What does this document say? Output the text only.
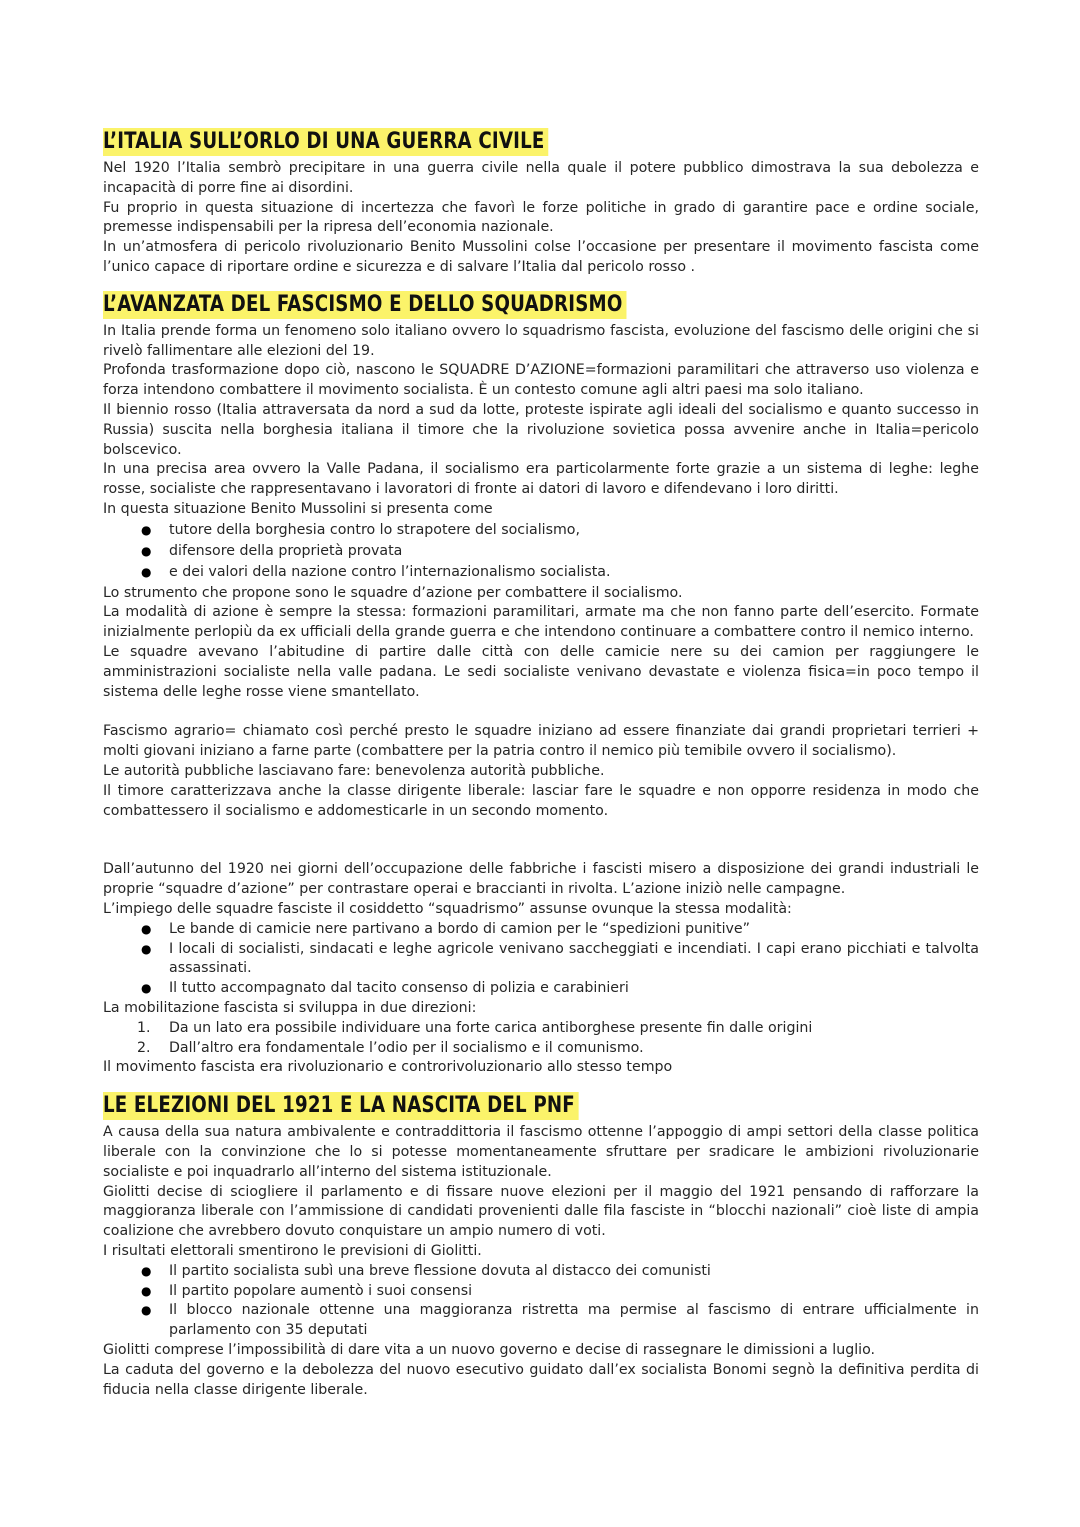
L’ITALIA SULL’ORLO DI UNA GUERRA CIVILE

Nel 1920 l’Italia sembrò precipitare in una guerra civile nella quale il potere pubblico dimostrava la sua debolezza e incapacità di porre fine ai disordini.

Fu proprio in questa situazione di incertezza che favorì le forze politiche in grado di garantire pace e ordine sociale, premesse indispensabili per la ripresa dell’economia nazionale.

In un’atmosfera di pericolo rivoluzionario Benito Mussolini colse l’occasione per presentare il movimento fascista come l’unico capace di riportare ordine e sicurezza e di salvare l’Italia dal pericolo rosso .

L’AVANZATA DEL FASCISMO E DELLO SQUADRISMO

In Italia prende forma un fenomeno solo italiano ovvero lo squadrismo fascista, evoluzione del fascismo delle origini che si rivelò fallimentare alle elezioni del 19.

Profonda trasformazione dopo ciò, nascono le SQUADRE D’AZIONE=formazioni paramilitari che attraverso uso violenza e forza intendono combattere il movimento socialista. È un contesto comune agli altri paesi ma solo italiano.

Il biennio rosso (Italia attraversata da nord a sud da lotte, proteste ispirate agli ideali del socialismo e quanto successo in Russia) suscita nella borghesia italiana il timore che la rivoluzione sovietica possa avvenire anche in Italia=pericolo bolscevico.

In una precisa area ovvero la Valle Padana, il socialismo era particolarmente forte grazie a un sistema di leghe: leghe rosse, socialiste che rappresentavano i lavoratori di fronte ai datori di lavoro e difendevano i loro diritti.

In questa situazione Benito Mussolini si presenta come

● tutore della borghesia contro lo strapotere del socialismo,
● difensore della proprietà provata
● e dei valori della nazione contro l’internazionalismo socialista.

Lo strumento che propone sono le squadre d’azione per combattere il socialismo.

La modalità di azione è sempre la stessa: formazioni paramilitari, armate ma che non fanno parte dell’esercito. Formate inizialmente perlopiù da ex ufficiali della grande guerra e che intendono continuare a combattere contro il nemico interno.

Le squadre avevano l’abitudine di partire dalle città con delle camicie nere su dei camion per raggiungere le amministrazioni socialiste nella valle padana. Le sedi socialiste venivano devastate e violenza fisica=in poco tempo il sistema delle leghe rosse viene smantellato.

Fascismo agrario= chiamato così perché presto le squadre iniziano ad essere finanziate dai grandi proprietari terrieri + molti giovani iniziano a farne parte (combattere per la patria contro il nemico più temibile ovvero il socialismo).

Le autorità pubbliche lasciavano fare: benevolenza autorità pubbliche.

Il timore caratterizzava anche la classe dirigente liberale: lasciar fare le squadre e non opporre residenza in modo che combattessero il socialismo e addomesticarle in un secondo momento.

Dall’autunno del 1920 nei giorni dell’occupazione delle fabbriche i fascisti misero a disposizione dei grandi industriali le proprie “squadre d’azione” per contrastare operai e braccianti in rivolta. L’azione iniziò nelle campagne.

L’impiego delle squadre fasciste il cosiddetto “squadrismo” assunse ovunque la stessa modalità:

● Le bande di camicie nere partivano a bordo di camion per le “spedizioni punitive”
● I locali di socialisti, sindacati e leghe agricole venivano saccheggiati e incendiati. I capi erano picchiati e talvolta assassinati.
● Il tutto accompagnato dal tacito consenso di polizia e carabinieri

La mobilitazione fascista si sviluppa in due direzioni:

1. Da un lato era possibile individuare una forte carica antiborghese presente fin dalle origini
2. Dall’altro era fondamentale l’odio per il socialismo e il comunismo.

Il movimento fascista era rivoluzionario e controrivoluzionario allo stesso tempo

LE ELEZIONI DEL 1921 E LA NASCITA DEL PNF

A causa della sua natura ambivalente e contraddittoria il fascismo ottenne l’appoggio di ampi settori della classe politica liberale con la convinzione che lo si potesse momentaneamente sfruttare per sradicare le ambizioni rivoluzionarie socialiste e poi inquadrarlo all’interno del sistema istituzionale.

Giolitti decise di sciogliere il parlamento e di fissare nuove elezioni per il maggio del 1921 pensando di rafforzare la maggioranza liberale con l’ammissione di candidati provenienti dalle fila fasciste in “blocchi nazionali” cioè liste di ampia coalizione che avrebbero dovuto conquistare un ampio numero di voti.

I risultati elettorali smentirono le previsioni di Giolitti.

● Il partito socialista subì una breve flessione dovuta al distacco dei comunisti
● Il partito popolare aumentò i suoi consensi
● Il blocco nazionale ottenne una maggioranza ristretta ma permise al fascismo di entrare ufficialmente in parlamento con 35 deputati

Giolitti comprese l’impossibilità di dare vita a un nuovo governo e decise di rassegnare le dimissioni a luglio.

La caduta del governo e la debolezza del nuovo esecutivo guidato dall’ex socialista Bonomi segnò la definitiva perdita di fiducia nella classe dirigente liberale.
